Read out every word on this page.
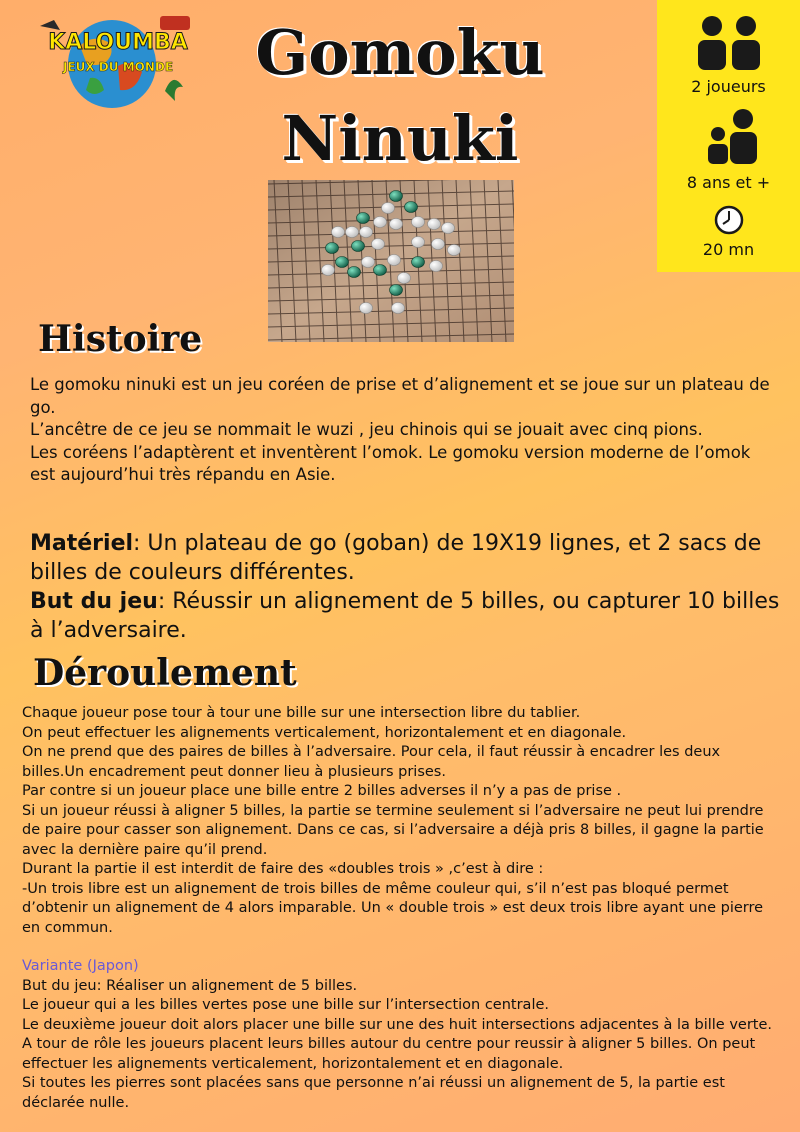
KALOUMBA
JEUX DU MONDE	Gomoku
Ninuki
2 joueurs
8 ans et +
20 mn
Histoire

Le gomoku ninuki est un jeu coréen de prise et d’alignement et se joue sur un plateau de go.

L’ancêtre de ce jeu se nommait le wuzi , jeu chinois qui se jouait avec cinq pions.

Les coréens l’adaptèrent et inventèrent l’omok. Le gomoku version moderne de l’omok est aujourd’hui très répandu en Asie.

Matériel: Un plateau de go (goban) de 19X19 lignes, et 2 sacs de billes de couleurs différentes.

But du jeu: Réussir un alignement de 5 billes, ou capturer 10 billes à l’adversaire.

Déroulement

Chaque joueur pose tour à tour une bille sur une intersection libre du tablier.

On peut effectuer les alignements verticalement, horizontalement et en diagonale.

On ne prend que des paires de billes à l’adversaire. Pour cela, il faut réussir à encadrer les deux billes.Un encadrement peut donner lieu à plusieurs prises.

Par contre si un joueur place une bille entre 2 billes adverses il n’y a pas de prise .

Si un joueur réussi à aligner 5 billes, la partie se termine seulement si l’adversaire ne peut lui prendre de paire pour casser son alignement. Dans ce cas, si l’adversaire a déjà pris 8 billes, il gagne la partie avec la dernière paire qu’il prend.

Durant la partie il est interdit de faire des «doubles trois » ,c’est à dire :

-Un trois libre est un alignement de trois billes de même couleur qui, s’il n’est pas bloqué permet d’obtenir un alignement de 4 alors imparable. Un « double trois » est deux trois libre ayant une pierre en commun.

Variante (Japon)

But du jeu: Réaliser un alignement de 5 billes.

Le joueur qui a les billes vertes pose une bille sur l’intersection centrale.

Le deuxième joueur doit alors placer une bille sur une des huit intersections adjacentes à la bille verte.

A tour de rôle les joueurs placent leurs billes autour du centre pour reussir à aligner 5 billes. On peut effectuer les alignements verticalement, horizontalement et en diagonale.

Si toutes les pierres sont placées sans que personne n’ai réussi un alignement de 5, la partie est déclarée nulle.
